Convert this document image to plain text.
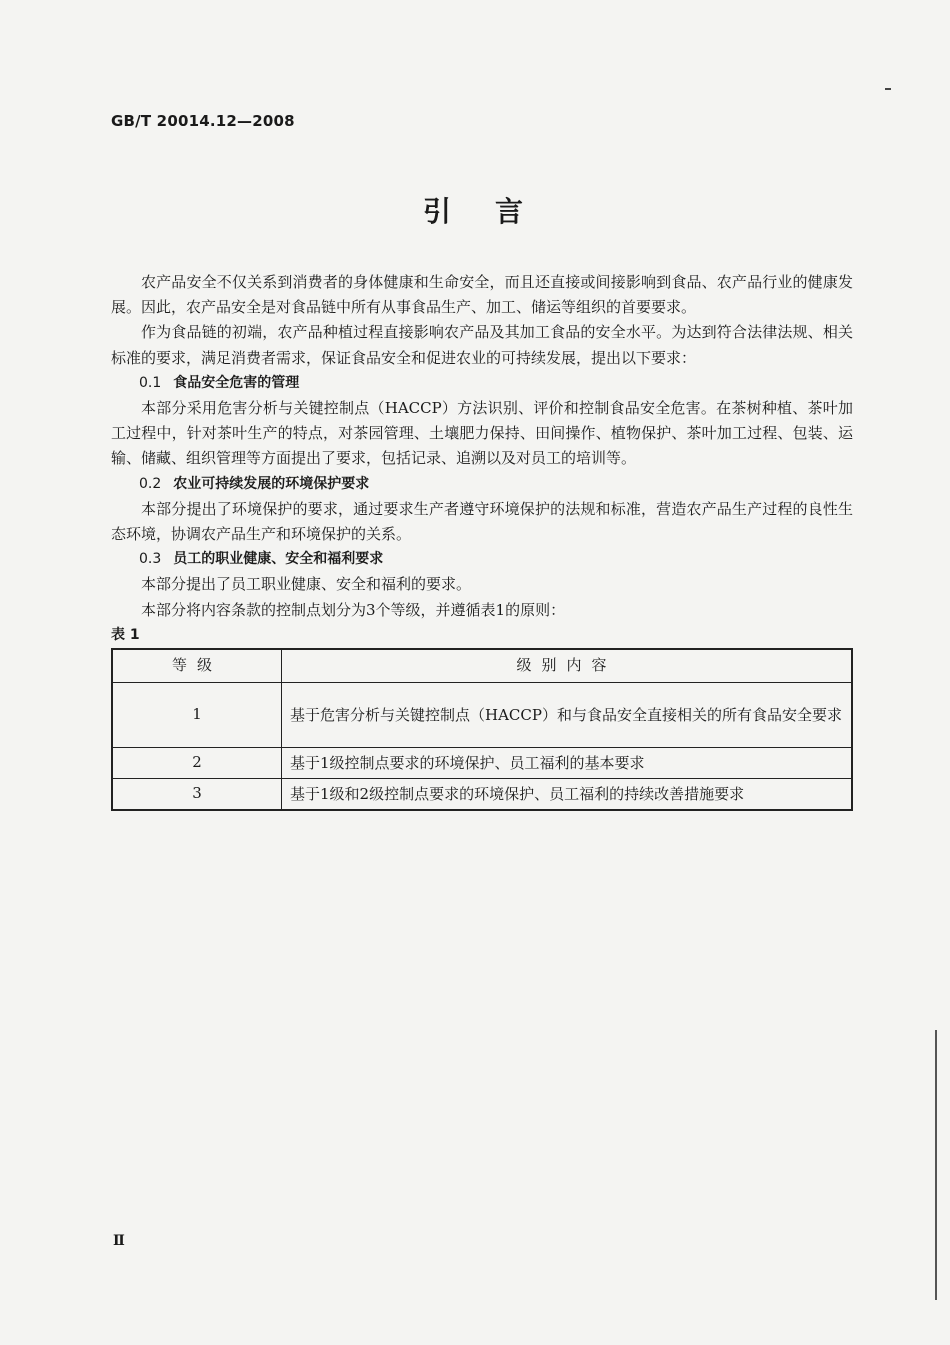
GB/T 20014.12—2008
引言

农产品安全不仅关系到消费者的身体健康和生命安全，而且还直接或间接影响到食品、农产品行业的健康发展。因此，农产品安全是对食品链中所有从事食品生产、加工、储运等组织的首要要求。

作为食品链的初端，农产品种植过程直接影响农产品及其加工食品的安全水平。为达到符合法律法规、相关标准的要求，满足消费者需求，保证食品安全和促进农业的可持续发展，提出以下要求：

0.1 食品安全危害的管理

本部分采用危害分析与关键控制点（HACCP）方法识别、评价和控制食品安全危害。在茶树种植、茶叶加工过程中，针对茶叶生产的特点，对茶园管理、土壤肥力保持、田间操作、植物保护、茶叶加工过程、包装、运输、储藏、组织管理等方面提出了要求，包括记录、追溯以及对员工的培训等。

0.2 农业可持续发展的环境保护要求

本部分提出了环境保护的要求，通过要求生产者遵守环境保护的法规和标准，营造农产品生产过程的良性生态环境，协调农产品生产和环境保护的关系。

0.3 员工的职业健康、安全和福利要求

本部分提出了员工职业健康、安全和福利的要求。

本部分将内容条款的控制点划分为3个等级，并遵循表1的原则：

表 1

等级	级别内容
1	基于危害分析与关键控制点（HACCP）和与食品安全直接相关的所有食品安全要求
2	基于1级控制点要求的环境保护、员工福利的基本要求
3	基于1级和2级控制点要求的环境保护、员工福利的持续改善措施要求
Ⅱ
